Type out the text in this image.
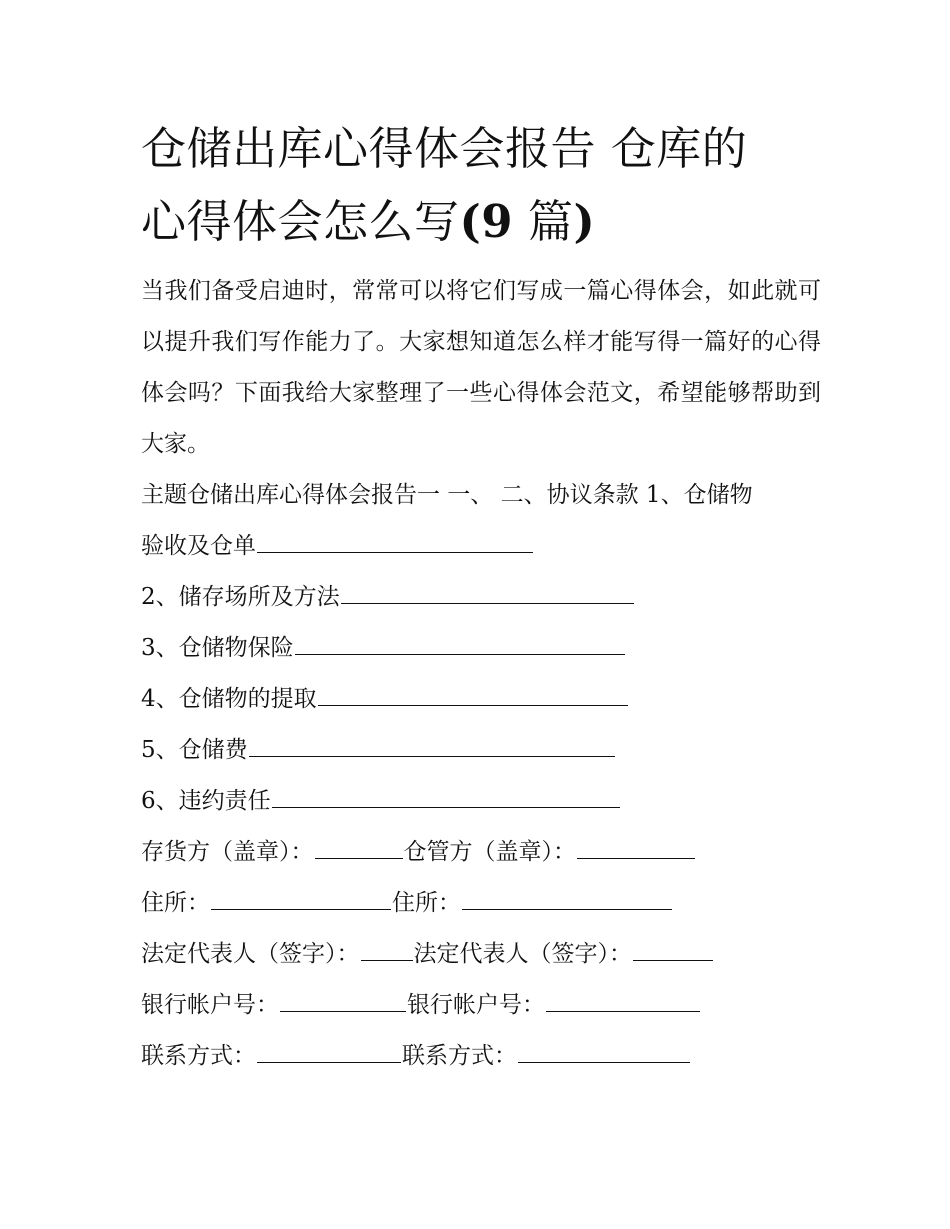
仓储出库心得体会报告 仓库的
心得体会怎么写(9 篇)
当我们备受启迪时，常常可以将它们写成一篇心得体会，如此就可以提升我们写作能力了。大家想知道怎么样才能写得一篇好的心得体会吗？下面我给大家整理了一些心得体会范文，希望能够帮助到大家。
主题仓储出库心得体会报告一 一、 二、协议条款 1、仓储物
验收及仓单
2、储存场所及方法
3、仓储物保险
4、仓储物的提取
5、仓储费
6、违约责任
存货方（盖章）：	仓管方（盖章）：
住所：	住所：
法定代表人（签字）： 法定代表人（签字）：
银行帐户号：	银行帐户号：
联系方式：	联系方式：
